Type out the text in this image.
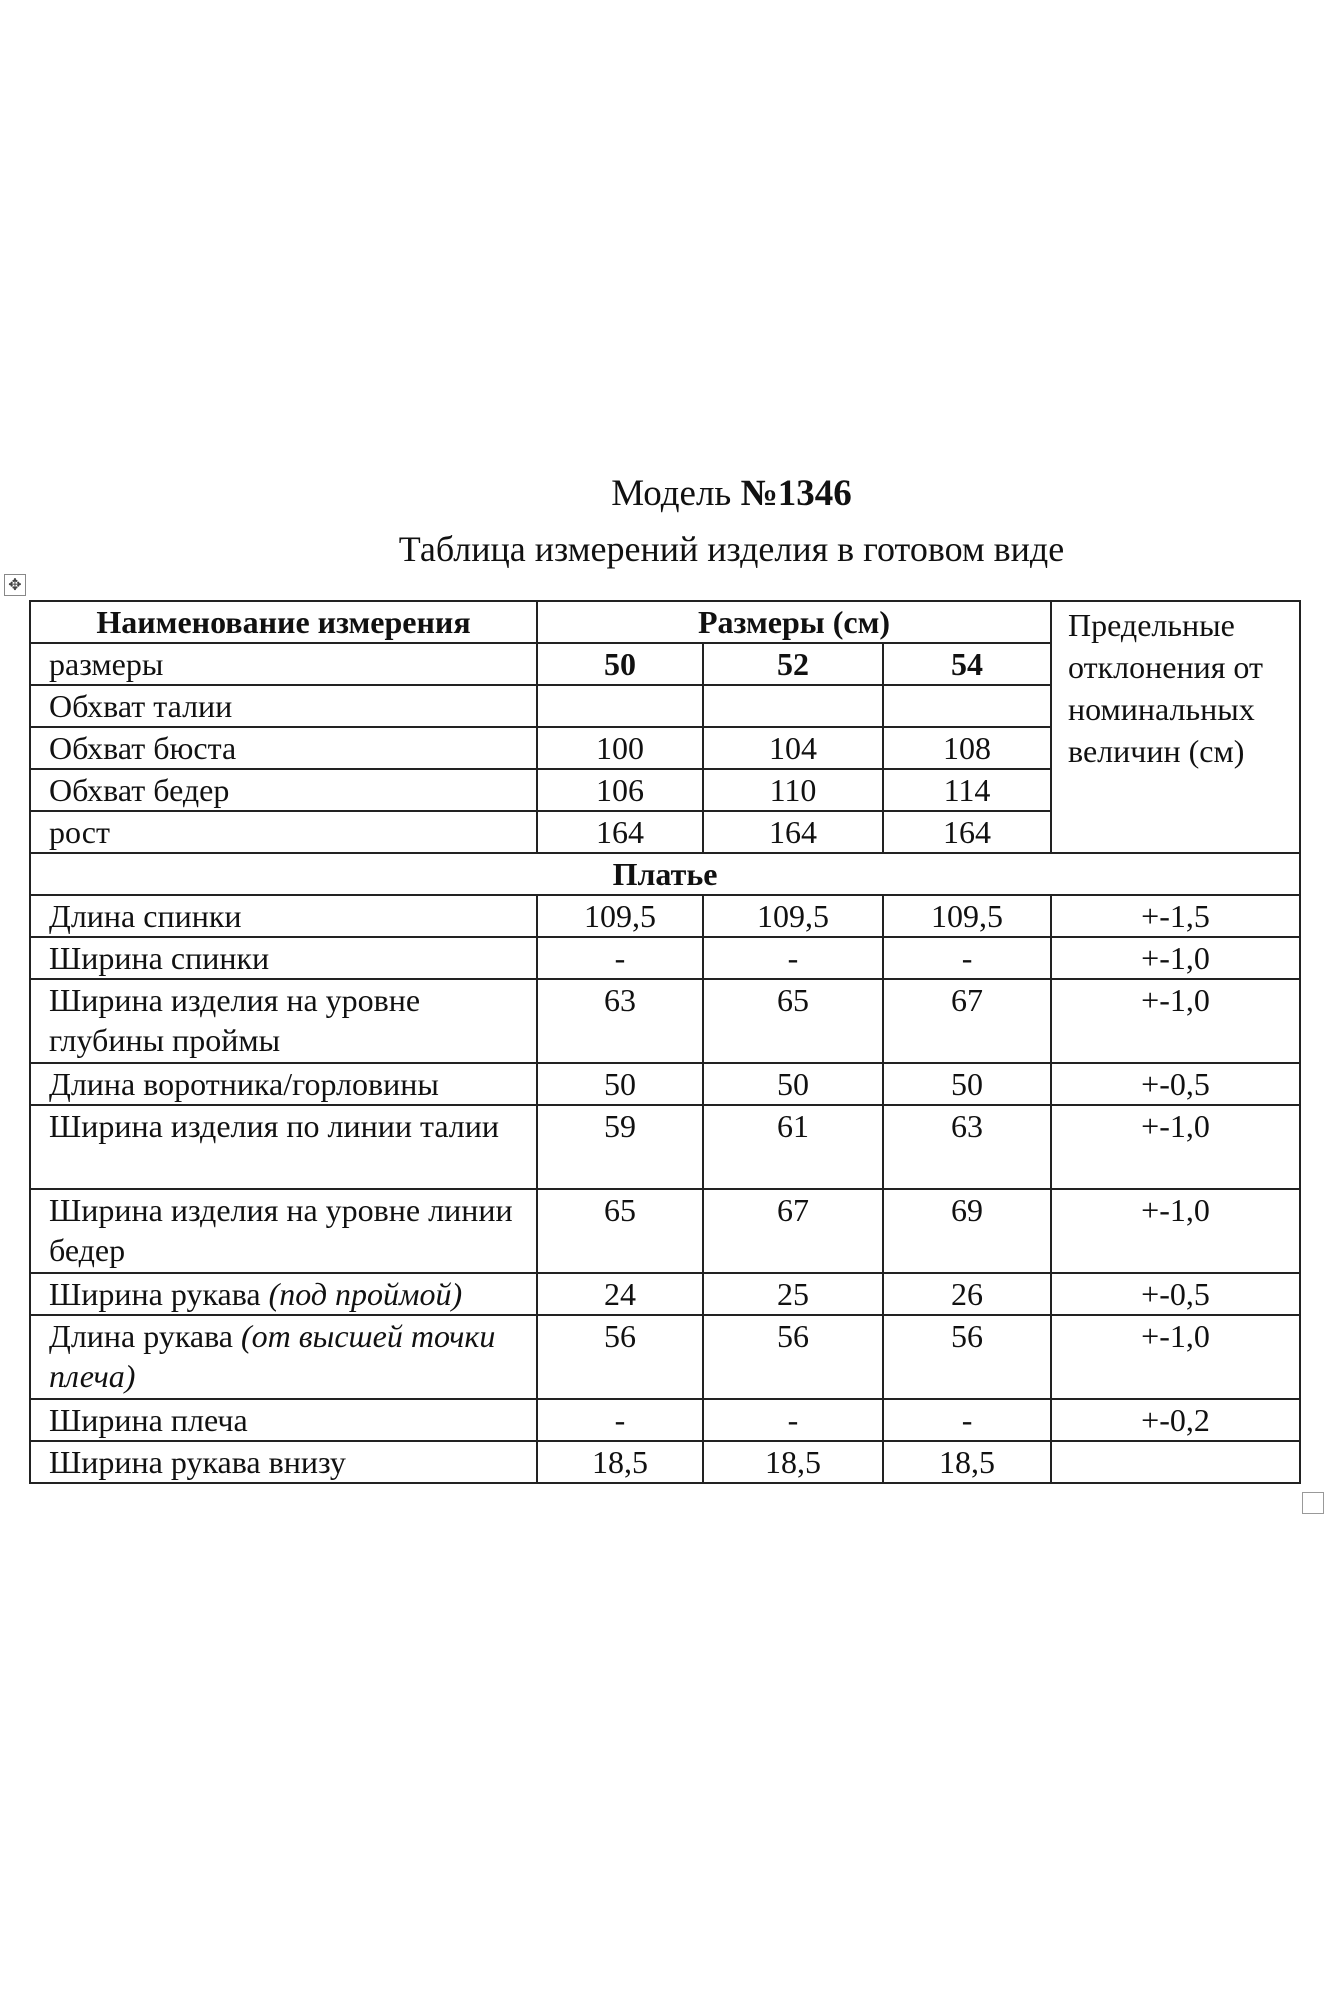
Модель №1346
Таблица измерений изделия в готовом виде
✥
Наименование измерения	Размеры (см)			Предельные отклонения от номинальных величин (см)
размеры	50	52	54	
Обхват талии				
Обхват бюста	100	104	108	
Обхват бедер	106	110	114	
рост	164	164	164	
Платье				
Длина спинки	109,5	109,5	109,5	+-1,5
Ширина спинки	-	-	-	+-1,0
Ширина изделия на уровне глубины проймы	63	65	67	+-1,0
Длина воротника/горловины	50	50	50	+-0,5
Ширина изделия по линии талии	59	61	63	+-1,0
Ширина изделия на уровне линии бедер	65	67	69	+-1,0
Ширина рукава (под проймой)	24	25	26	+-0,5
Длина рукава (от высшей точки плеча)	56	56	56	+-1,0
Ширина плеча	-	-	-	+-0,2
Ширина рукава внизу	18,5	18,5	18,5	
